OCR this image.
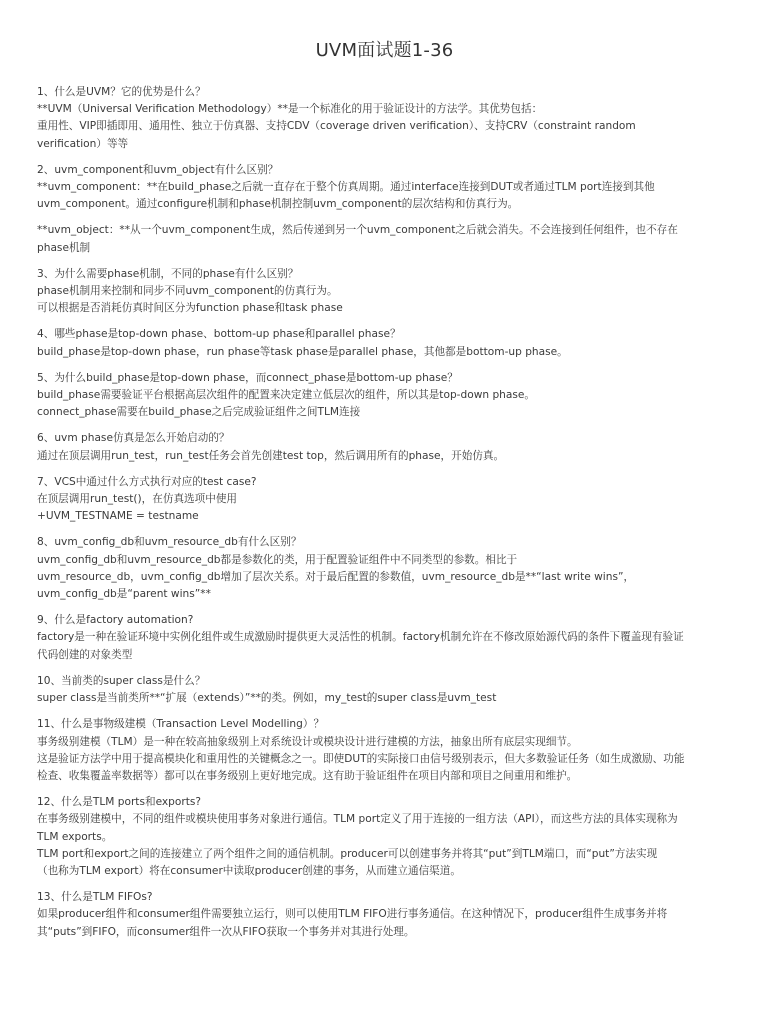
UVM面试题1-36

1、什么是UVM？它的优势是什么？

**UVM（Universal Verification Methodology）**是一个标准化的用于验证设计的方法学。其优势包括：

重用性、VIP即插即用、通用性、独立于仿真器、支持CDV（coverage driven verification）、支持CRV（constraint random

verification）等等

2、uvm_component和uvm_object有什么区别？

**uvm_component：**在build_phase之后就一直存在于整个仿真周期。通过interface连接到DUT或者通过TLM port连接到其他

uvm_component。通过configure机制和phase机制控制uvm_component的层次结构和仿真行为。

**uvm_object：**从一个uvm_component生成，然后传递到另一个uvm_component之后就会消失。不会连接到任何组件，也不存在

phase机制

3、为什么需要phase机制，不同的phase有什么区别？

phase机制用来控制和同步不同uvm_component的仿真行为。

可以根据是否消耗仿真时间区分为function phase和task phase

4、哪些phase是top-down phase、bottom-up phase和parallel phase？

build_phase是top-down phase，run phase等task phase是parallel phase，其他都是bottom-up phase。

5、为什么build_phase是top-down phase，而connect_phase是bottom-up phase？

build_phase需要验证平台根据高层次组件的配置来决定建立低层次的组件，所以其是top-down phase。

connect_phase需要在build_phase之后完成验证组件之间TLM连接

6、uvm phase仿真是怎么开始启动的？

通过在顶层调用run_test，run_test任务会首先创建test top，然后调用所有的phase，开始仿真。

7、VCS中通过什么方式执行对应的test case?

在顶层调用run_test()，在仿真选项中使用

+UVM_TESTNAME = testname

8、uvm_config_db和uvm_resource_db有什么区别？

uvm_config_db和uvm_resource_db都是参数化的类，用于配置验证组件中不同类型的参数。相比于

uvm_resource_db，uvm_config_db增加了层次关系。对于最后配置的参数值，uvm_resource_db是**“last write wins”，

uvm_config_db是“parent wins”**

9、什么是factory automation?

factory是一种在验证环境中实例化组件或生成激励时提供更大灵活性的机制。factory机制允许在不修改原始源代码的条件下覆盖现有验证

代码创建的对象类型

10、当前类的super class是什么？

super class是当前类所**“扩展（extends）”**的类。例如，my_test的super class是uvm_test

11、什么是事物级建模（Transaction Level Modelling）？

事务级别建模（TLM）是一种在较高抽象级别上对系统设计或模块设计进行建模的方法，抽象出所有底层实现细节。

这是验证方法学中用于提高模块化和重用性的关键概念之一。即使DUT的实际接口由信号级别表示，但大多数验证任务（如生成激励、功能

检查、收集覆盖率数据等）都可以在事务级别上更好地完成。这有助于验证组件在项目内部和项目之间重用和维护。

12、什么是TLM ports和exports?

在事务级别建模中，不同的组件或模块使用事务对象进行通信。TLM port定义了用于连接的一组方法（API），而这些方法的具体实现称为

TLM exports。

TLM port和export之间的连接建立了两个组件之间的通信机制。producer可以创建事务并将其“put”到TLM端口，而“put”方法实现

（也称为TLM export）将在consumer中读取producer创建的事务，从而建立通信渠道。

13、什么是TLM FIFOs?

如果producer组件和consumer组件需要独立运行，则可以使用TLM FIFO进行事务通信。在这种情况下，producer组件生成事务并将

其“puts”到FIFO，而consumer组件一次从FIFO获取一个事务并对其进行处理。
